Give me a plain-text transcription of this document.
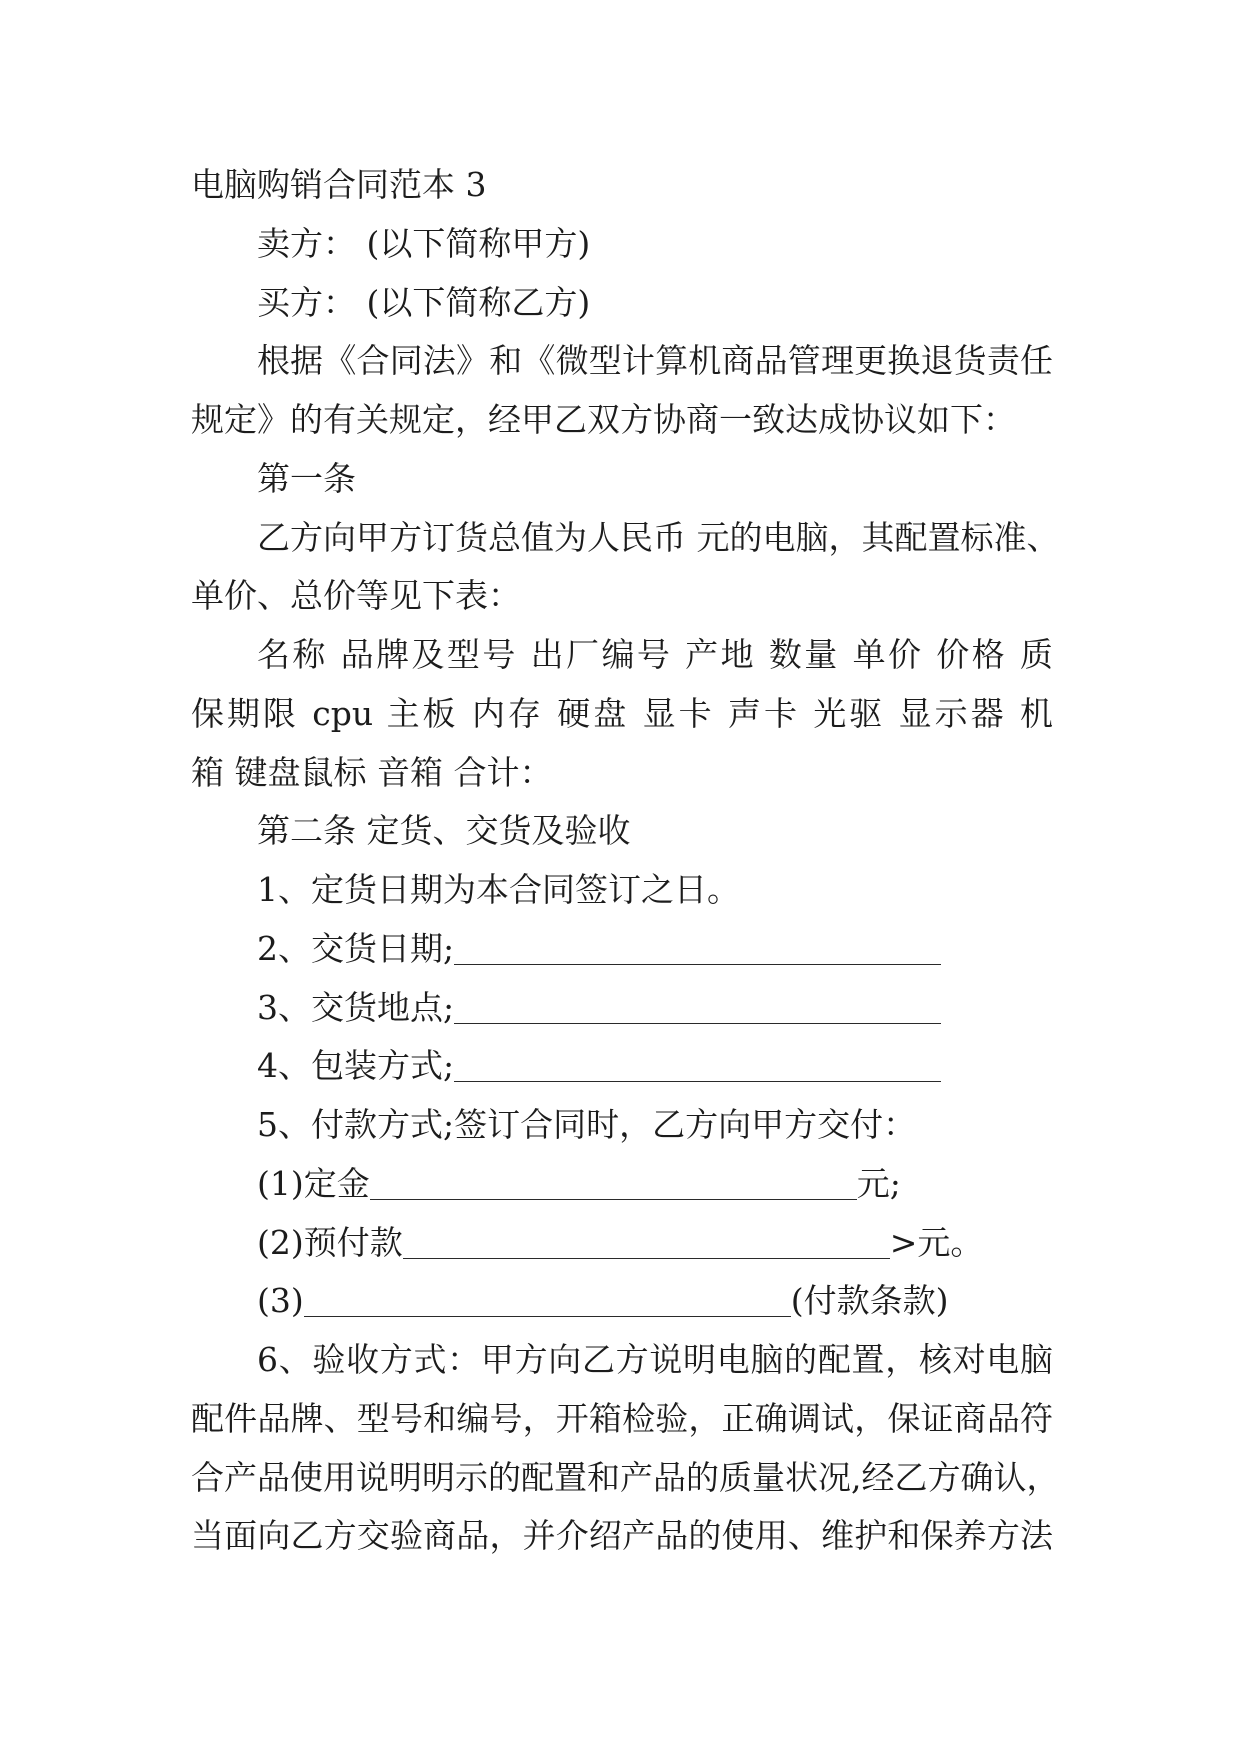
电脑购销合同范本 3
卖方： (以下简称甲方)
买方： (以下简称乙方)
根据《合同法》和《微型计算机商品管理更换退货责任
规定》的有关规定，经甲乙双方协商一致达成协议如下：
第一条
乙方向甲方订货总值为人民币 元的电脑，其配置标准、
单价、总价等见下表：
名称 品牌及型号 出厂编号 产地 数量 单价 价格 质
保期限 cpu 主板 内存 硬盘 显卡 声卡 光驱 显示器 机
箱 键盘鼠标 音箱 合计：
第二条 定货、交货及验收
1、定货日期为本合同签订之日。
2、交货日期;
3、交货地点;
4、包装方式;
5、付款方式;签订合同时，乙方向甲方交付：
(1)定金	元;
(2)预付款	>元。
(3)	(付款条款)
6、验收方式：甲方向乙方说明电脑的配置，核对电脑
配件品牌、型号和编号，开箱检验，正确调试，保证商品符
合产品使用说明明示的配置和产品的质量状况,经乙方确认，
当面向乙方交验商品，并介绍产品的使用、维护和保养方法
